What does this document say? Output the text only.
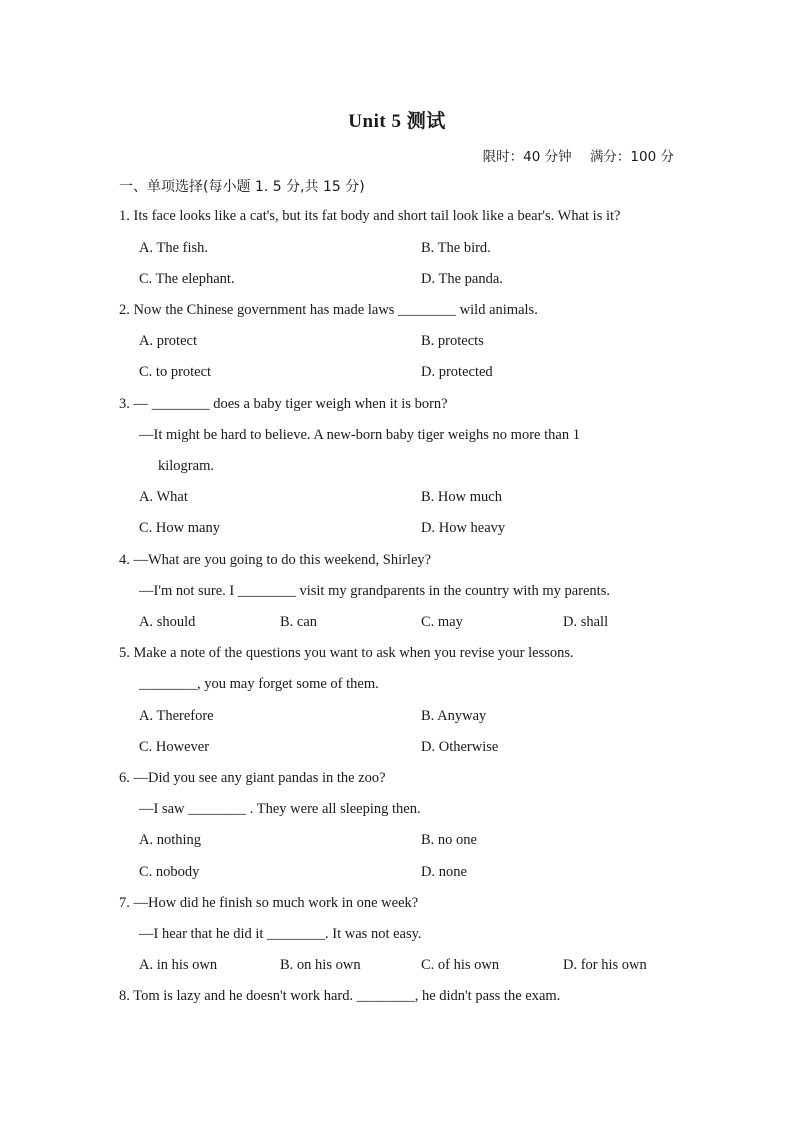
Unit 5 测试
限时：40 分钟 满分：100 分
一、单项选择(每小题 1. 5 分,共 15 分)
1. Its face looks like a cat's, but its fat body and short tail look like a bear's. What is it?
A. The fish.	B. The bird.
C. The elephant.	D. The panda.
2. Now the Chinese government has made laws ________ wild animals.
A. protect	B. protects
C. to protect	D. protected
3. — ________ does a baby tiger weigh when it is born?
—It might be hard to believe. A new-born baby tiger weighs no more than 1
kilogram.
A. What	B. How much
C. How many	D. How heavy
4. —What are you going to do this weekend, Shirley?
—I'm not sure. I ________ visit my grandparents in the country with my parents.
A. should	B. can	C. may	D. shall
5. Make a note of the questions you want to ask when you revise your lessons.
________, you may forget some of them.
A. Therefore	B. Anyway
C. However	D. Otherwise
6. —Did you see any giant pandas in the zoo?
—I saw ________ . They were all sleeping then.
A. nothing	B. no one
C. nobody	D. none
7. —How did he finish so much work in one week?
—I hear that he did it ________. It was not easy.
A. in his own	B. on his own	C. of his own	D. for his own
8. Tom is lazy and he doesn't work hard. ________, he didn't pass the exam.
